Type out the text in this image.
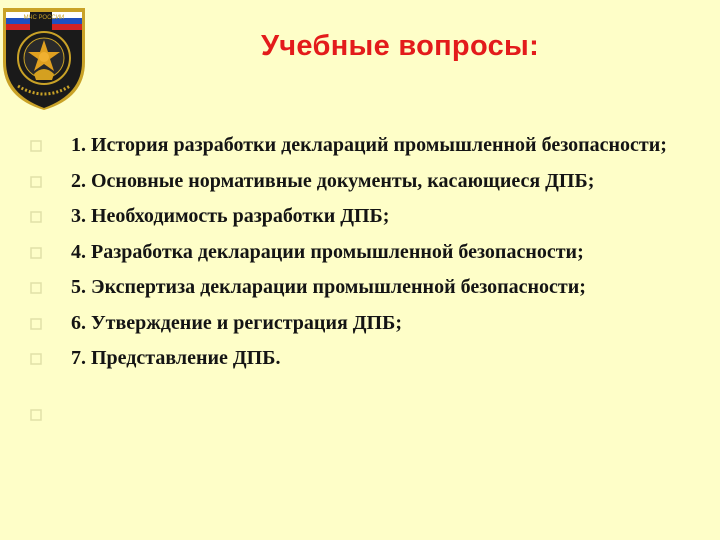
МЧС РОССИИ
Учебные вопросы:
1. История разработки деклараций промышленной безопасности;
2. Основные нормативные документы, касающиеся ДПБ;
3. Необходимость разработки ДПБ;
4. Разработка декларации промышленной безопасности;
5. Экспертиза декларации промышленной безопасности;
6. Утверждение и регистрация ДПБ;
7. Представление ДПБ.
